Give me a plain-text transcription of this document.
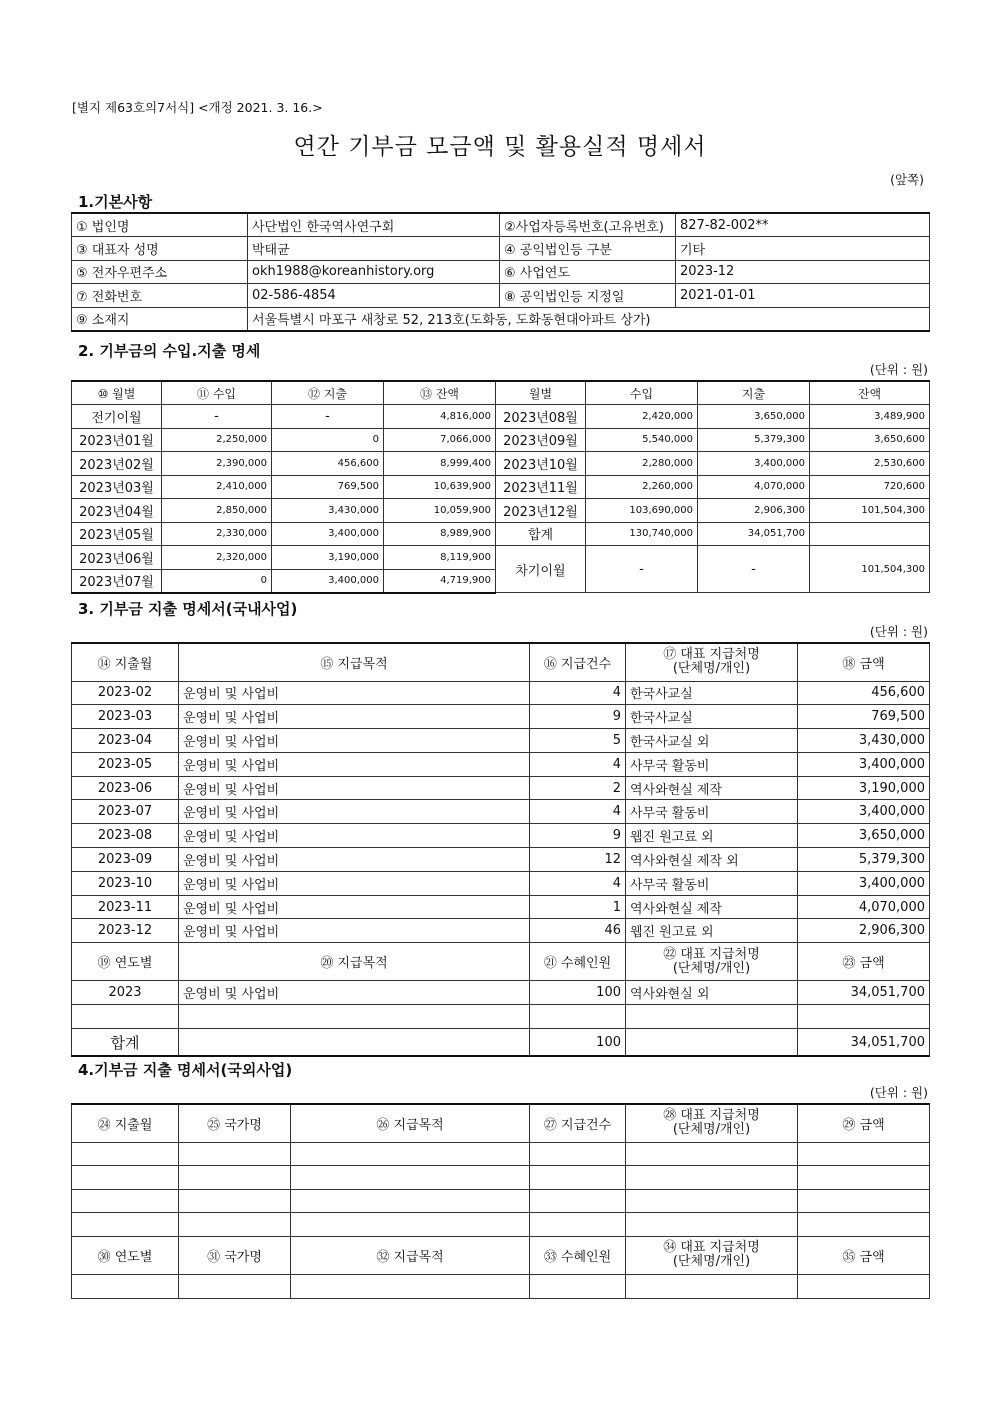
[별지 제63호의7서식] <개정 2021. 3. 16.>
연간 기부금 모금액 및 활용실적 명세서
(앞쪽)
1.기본사항
① 법인명	사단법인 한국역사연구회	②사업자등록번호(고유번호)	827-82-002**
③ 대표자 성명	박태균	④ 공익법인등 구분	기타
⑤ 전자우편주소	okh1988@koreanhistory.org	⑥ 사업연도	2023-12
⑦ 전화번호	02-586-4854	⑧ 공익법인등 지정일	2021-01-01
⑨ 소재지	서울특별시 마포구 새창로 52, 213호(도화동, 도화동현대아파트 상가)		
2. 기부금의 수입.지출 명세
(단위 : 원)
⑩ 월별	⑪ 수입	⑫ 지출	⑬ 잔액	월별	수입	지출	잔액
전기이월	-	-	4,816,000	2023년08월	2,420,000	3,650,000	3,489,900
2023년01월	2,250,000	0	7,066,000	2023년09월	5,540,000	5,379,300	3,650,600
2023년02월	2,390,000	456,600	8,999,400	2023년10월	2,280,000	3,400,000	2,530,600
2023년03월	2,410,000	769,500	10,639,900	2023년11월	2,260,000	4,070,000	720,600
2023년04월	2,850,000	3,430,000	10,059,900	2023년12월	103,690,000	2,906,300	101,504,300
2023년05월	2,330,000	3,400,000	8,989,900	합계	130,740,000	34,051,700	
2023년06월	2,320,000	3,190,000	8,119,900	차기이월	-	-	101,504,300
2023년07월	0	3,400,000	4,719,900				
3. 기부금 지출 명세서(국내사업)
(단위 : 원)
⑭ 지출월	⑮ 지급목적	⑯ 지급건수	⑰ 대표 지급처명
(단체명/개인)	⑱ 금액
2023-02	운영비 및 사업비	4	한국사교실	456,600
2023-03	운영비 및 사업비	9	한국사교실	769,500
2023-04	운영비 및 사업비	5	한국사교실 외	3,430,000
2023-05	운영비 및 사업비	4	사무국 활동비	3,400,000
2023-06	운영비 및 사업비	2	역사와현실 제작	3,190,000
2023-07	운영비 및 사업비	4	사무국 활동비	3,400,000
2023-08	운영비 및 사업비	9	웹진 원고료 외	3,650,000
2023-09	운영비 및 사업비	12	역사와현실 제작 외	5,379,300
2023-10	운영비 및 사업비	4	사무국 활동비	3,400,000
2023-11	운영비 및 사업비	1	역사와현실 제작	4,070,000
2023-12	운영비 및 사업비	46	웹진 원고료 외	2,906,300
⑲ 연도별	⑳ 지급목적	㉑ 수혜인원	㉒ 대표 지급처명
(단체명/개인)	㉓ 금액
2023	운영비 및 사업비	100	역사와현실 외	34,051,700

합계		100		34,051,700
4.기부금 지출 명세서(국외사업)
(단위 : 원)
㉔ 지출월	㉕ 국가명	㉖ 지급목적	㉗ 지급건수	㉘ 대표 지급처명
(단체명/개인)	㉙ 금액

㉚ 연도별	㉛ 국가명	㉜ 지급목적	㉝ 수혜인원	㉞ 대표 지급처명
(단체명/개인)	㉟ 금액
